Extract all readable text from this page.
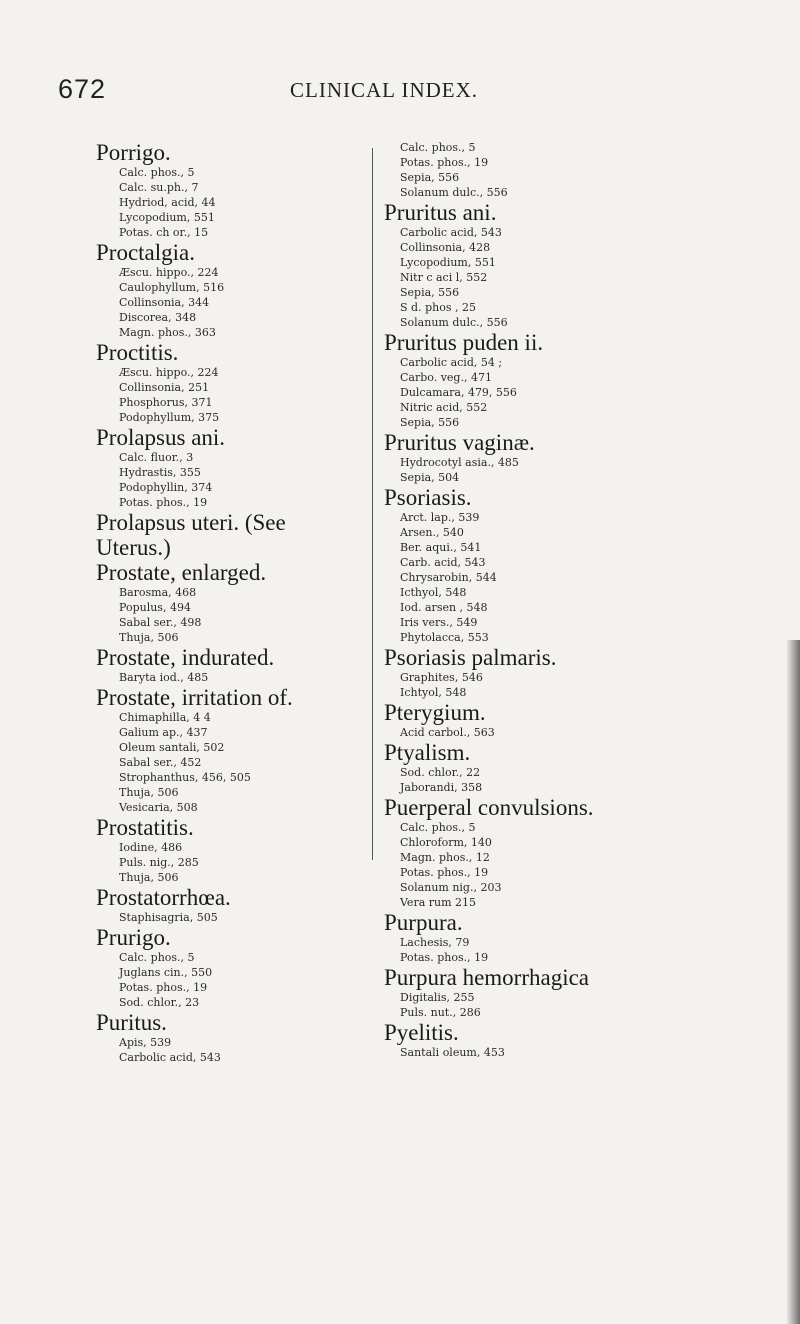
672	CLINICAL INDEX.
Porrigo.
Calc. phos., 5
Calc. su.ph., 7
Hydriod, acid, 44
Lycopodium, 551
Potas. ch or., 15
Proctalgia.
Æscu. hippo., 224
Caulophyllum, 516
Collinsonia, 344
Discorea, 348
Magn. phos., 363
Proctitis.
Æscu. hippo., 224
Collinsonia, 251
Phosphorus, 371
Podophyllum, 375
Prolapsus ani.
Calc. fluor., 3
Hydrastis, 355
Podophyllin, 374
Potas. phos., 19
Prolapsus uteri. (See
Uterus.)
Prostate, enlarged.
Barosma, 468
Populus, 494
Sabal ser., 498
Thuja, 506
Prostate, indurated.
Baryta iod., 485
Prostate, irritation of.
Chimaphilla, 4 4
Galium ap., 437
Oleum santali, 502
Sabal ser., 452
Strophanthus, 456, 505
Thuja, 506
Vesicaria, 508
Prostatitis.
Iodine, 486
Puls. nig., 285
Thuja, 506
Prostatorrhœa.
Staphisagria, 505
Prurigo.
Calc. phos., 5
Juglans cin., 550
Potas. phos., 19
Sod. chlor., 23
Puritus.
Apis, 539
Carbolic acid, 543
Calc. phos., 5
Potas. phos., 19
Sepia, 556
Solanum dulc., 556
Pruritus ani.
Carbolic acid, 543
Collinsonia, 428
Lycopodium, 551
Nitr c aci l, 552
Sepia, 556
S d. phos , 25
Solanum dulc., 556
Pruritus puden ii.
Carbolic acid, 54 ;
Carbo. veg., 471
Dulcamara, 479, 556
Nitric acid, 552
Sepia, 556
Pruritus vaginæ.
Hydrocotyl asia., 485
Sepia, 504
Psoriasis.
Arct. lap., 539
Arsen., 540
Ber. aqui., 541
Carb. acid, 543
Chrysarobin, 544
Icthyol, 548
Iod. arsen , 548
Iris vers., 549
Phytolacca, 553
Psoriasis palmaris.
Graphites, 546
Ichtyol, 548
Pterygium.
Acid carbol., 563
Ptyalism.
Sod. chlor., 22
Jaborandi, 358
Puerperal convulsions.
Calc. phos., 5
Chloroform, 140
Magn. phos., 12
Potas. phos., 19
Solanum nig., 203
Vera rum 215
Purpura.
Lachesis, 79
Potas. phos., 19
Purpura hemorrhagica
Digitalis, 255
Puls. nut., 286
Pyelitis.
Santali oleum, 453
